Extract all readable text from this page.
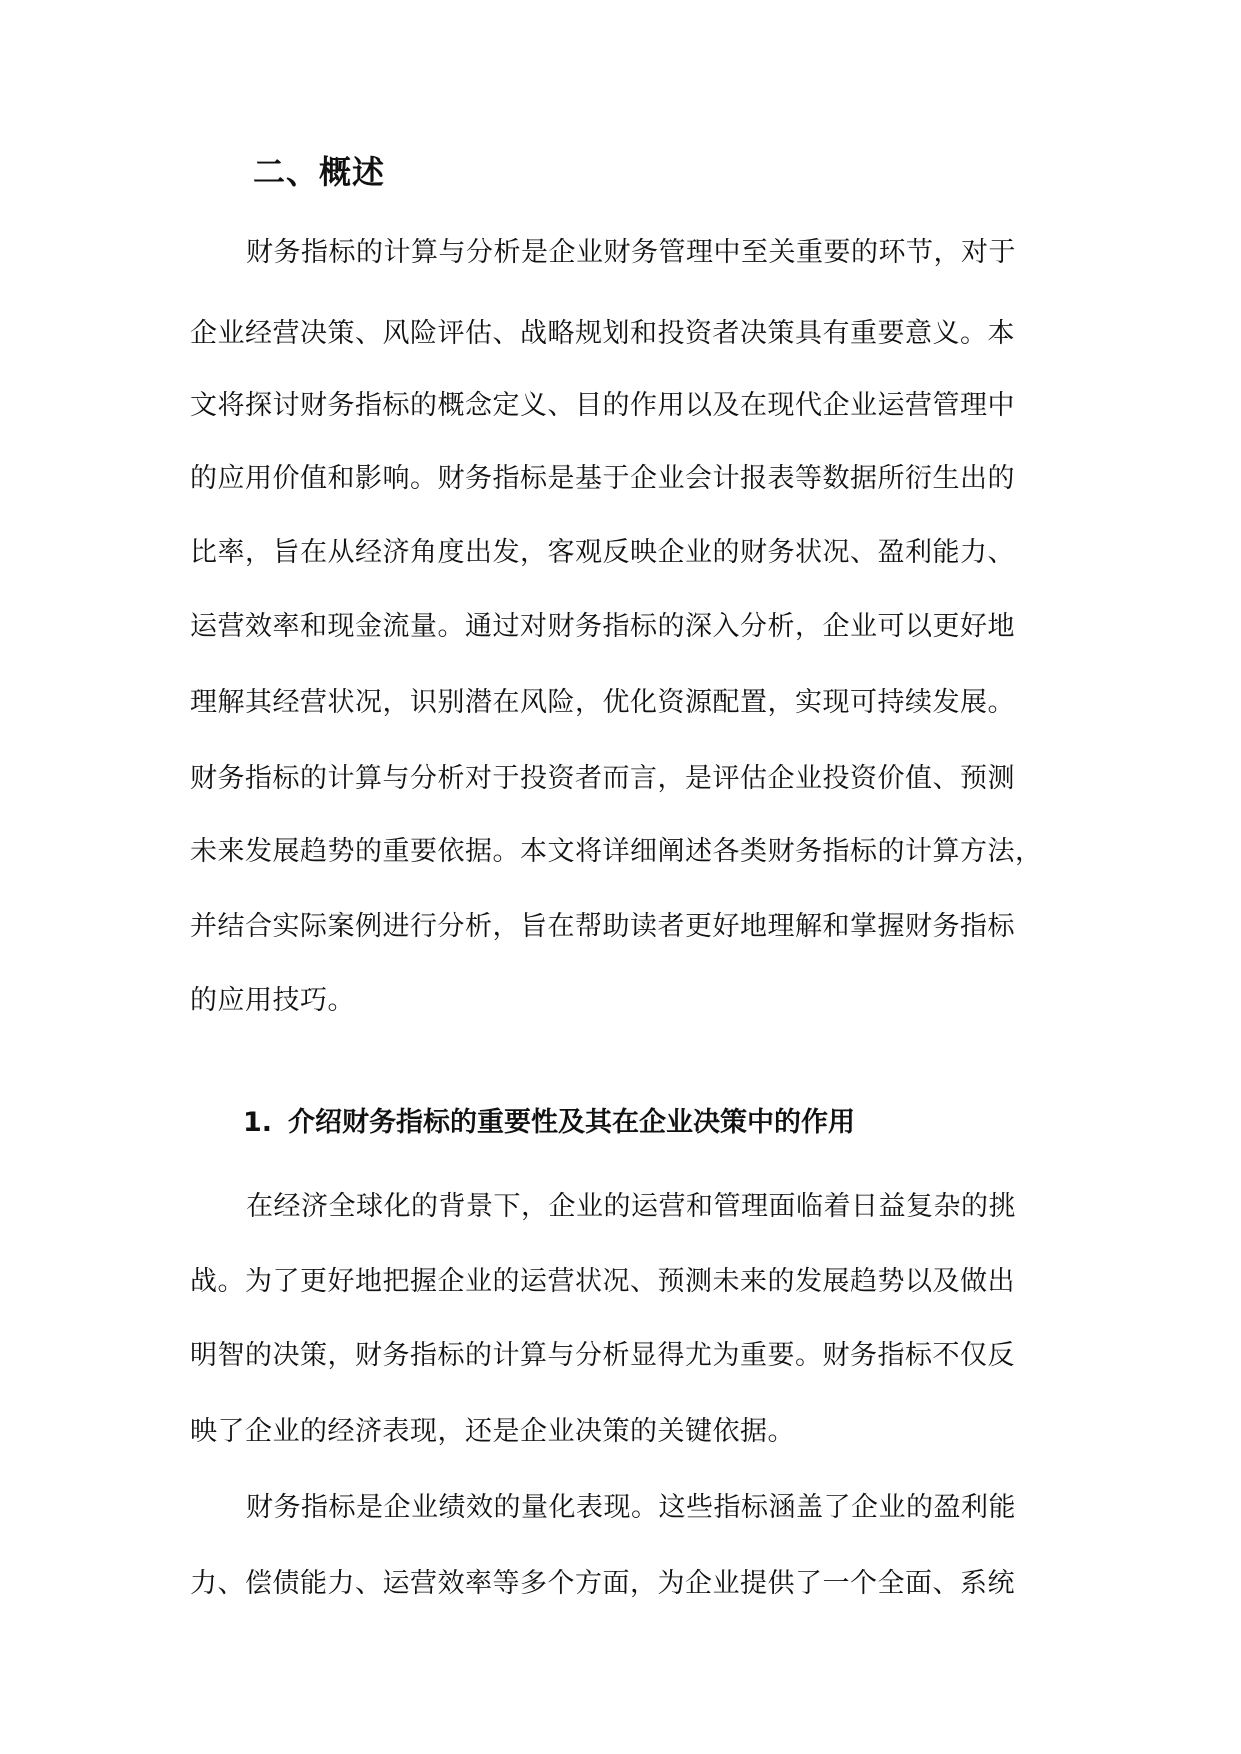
二、概述

财务指标的计算与分析是企业财务管理中至关重要的环节，对于

企业经营决策、风险评估、战略规划和投资者决策具有重要意义。本

文将探讨财务指标的概念定义、目的作用以及在现代企业运营管理中

的应用价值和影响。财务指标是基于企业会计报表等数据所衍生出的

比率，旨在从经济角度出发，客观反映企业的财务状况、盈利能力、

运营效率和现金流量。通过对财务指标的深入分析，企业可以更好地

理解其经营状况，识别潜在风险，优化资源配置，实现可持续发展。

财务指标的计算与分析对于投资者而言，是评估企业投资价值、预测

未来发展趋势的重要依据。本文将详细阐述各类财务指标的计算方法，

并结合实际案例进行分析，旨在帮助读者更好地理解和掌握财务指标

的应用技巧。

1. 介绍财务指标的重要性及其在企业决策中的作用

在经济全球化的背景下，企业的运营和管理面临着日益复杂的挑

战。为了更好地把握企业的运营状况、预测未来的发展趋势以及做出

明智的决策，财务指标的计算与分析显得尤为重要。财务指标不仅反

映了企业的经济表现，还是企业决策的关键依据。

财务指标是企业绩效的量化表现。这些指标涵盖了企业的盈利能

力、偿债能力、运营效率等多个方面，为企业提供了一个全面、系统
